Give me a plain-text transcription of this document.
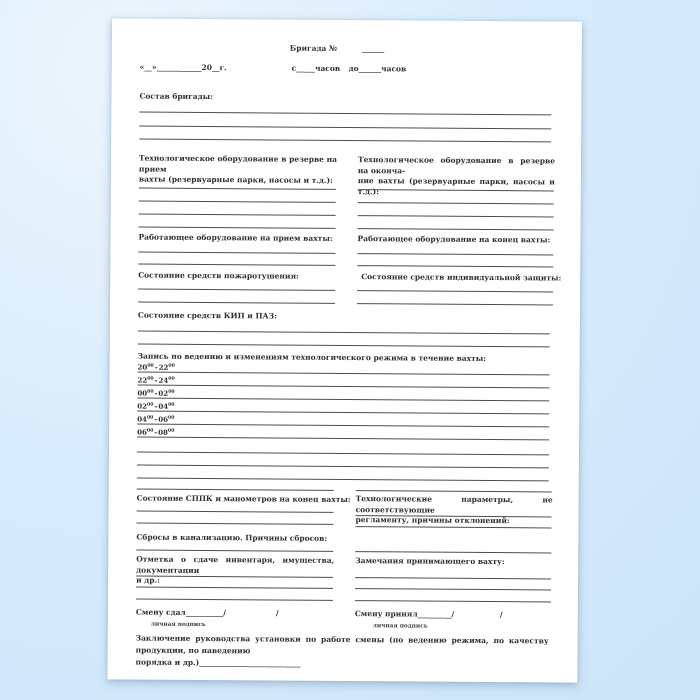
Бригада №	______
«__»____________20__г.	с_____часов до______часов
Состав бригады:
Технологическое оборудование в резерве на прием
вахты (резервуарные парки, насосы и т.д.):
Технологическое оборудование в резерве на оконча-
ние вахты (резервуарные парки, насосы и т.д.):
Работающее оборудование на прием вахты:	Работающее оборудование на конец вахты:
Состояние средств пожаротушения:	Состояние средств индивидуальной защиты:
Состояние средств КИП и ПАЗ:
Запись по ведению и изменениям технологического режима в течение вахты:
$20^{00}-22^{00}$
$22^{00}-24^{00}$
$00^{00}-02^{00}$
$02^{00}-04^{00}$
$04^{00}-06^{00}$
$06^{00}-08^{00}$
Состояние СППК и манометров на конец вахты: Технологические параметры, не соответствующие
регламенту, причины отклонений:
Сбросы в канализацию. Причины сбросов:
Отметка о сдаче инвентаря, имущества, документации
и др.:
Замечания принимающего вахту:
Смену сдал__________/	/	Смену принял_________/	/
личная подпись	личная подпись
Заключение руководства установки по работе смены (по ведению режима, по качеству продукции, по наведению
порядка и др.)___________________________
